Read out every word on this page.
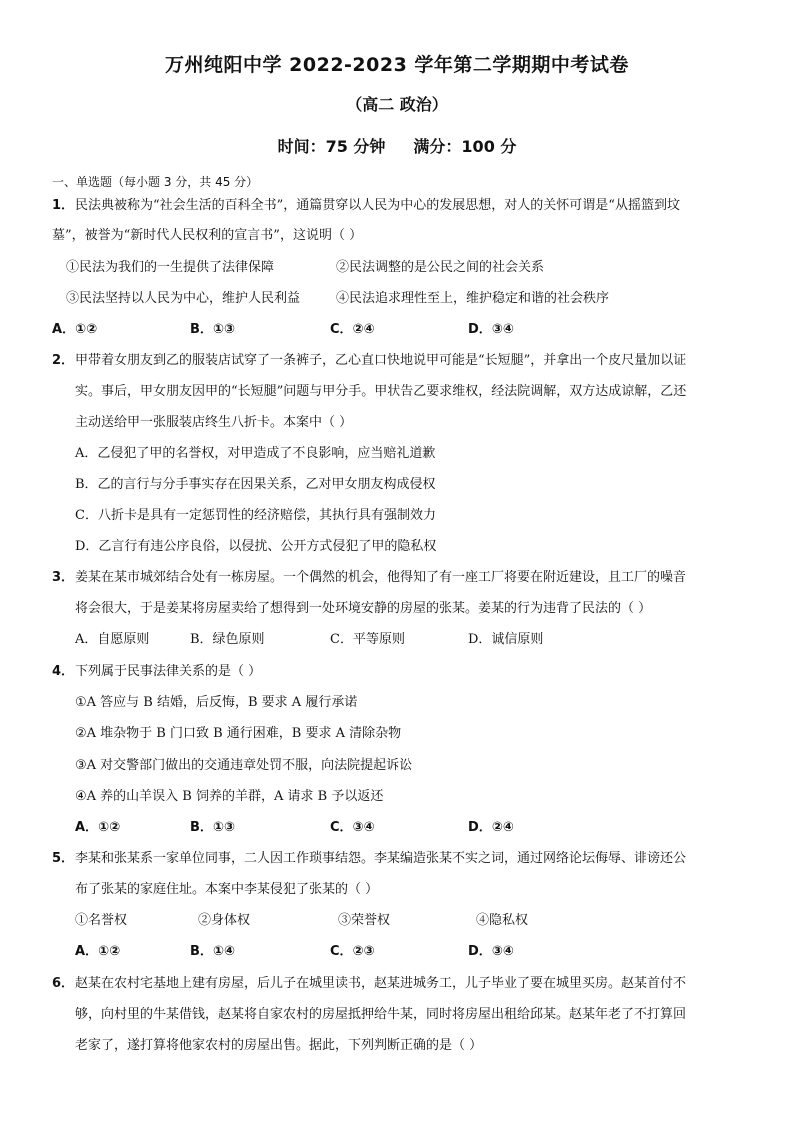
万州纯阳中学 2022-2023 学年第二学期期中考试卷
（高二 政治）
时间：75 分钟 满分：100 分
一、单选题（每小题 3 分，共 45 分）
1． 民法典被称为“社会生活的百科全书”，通篇贯穿以人民为中心的发展思想，对人的关怀可谓是“从摇篮到坟
墓”，被誉为“新时代人民权利的宣言书”，这说明（ ）
①民法为我们的一生提供了法律保障	②民法调整的是公民之间的社会关系
③民法坚持以人民为中心，维护人民利益	④民法追求理性至上，维护稳定和谐的社会秩序
A．①②	B．①③	C．②④	D．③④
2． 甲带着女朋友到乙的服装店试穿了一条裤子，乙心直口快地说甲可能是“长短腿”，并拿出一个皮尺量加以证
实。事后，甲女朋友因甲的“长短腿”问题与甲分手。甲状告乙要求维权，经法院调解，双方达成谅解，乙还
主动送给甲一张服装店终生八折卡。本案中（ ）
A．乙侵犯了甲的名誉权，对甲造成了不良影响，应当赔礼道歉
B．乙的言行与分手事实存在因果关系，乙对甲女朋友构成侵权
C．八折卡是具有一定惩罚性的经济赔偿，其执行具有强制效力
D．乙言行有违公序良俗，以侵扰、公开方式侵犯了甲的隐私权
3． 姜某在某市城郊结合处有一栋房屋。一个偶然的机会，他得知了有一座工厂将要在附近建设，且工厂的噪音
将会很大，于是姜某将房屋卖给了想得到一处环境安静的房屋的张某。姜某的行为违背了民法的（ ）
A．自愿原则	B．绿色原则	C．平等原则	D．诚信原则
4． 下列属于民事法律关系的是（ ）
①A 答应与 B 结婚，后反悔，B 要求 A 履行承诺
②A 堆杂物于 B 门口致 B 通行困难，B 要求 A 清除杂物
③A 对交警部门做出的交通违章处罚不服，向法院提起诉讼
④A 养的山羊误入 B 饲养的羊群，A 请求 B 予以返还
A．①②	B．①③	C．③④	D．②④
5． 李某和张某系一家单位同事，二人因工作琐事结怨。李某编造张某不实之词，通过网络论坛侮辱、诽谤还公
布了张某的家庭住址。本案中李某侵犯了张某的（ ）
①名誉权	②身体权	③荣誉权	④隐私权
A．①②	B．①④	C．②③	D．③④
6． 赵某在农村宅基地上建有房屋，后儿子在城里读书，赵某进城务工，儿子毕业了要在城里买房。赵某首付不
够，向村里的牛某借钱，赵某将自家农村的房屋抵押给牛某，同时将房屋出租给邱某。赵某年老了不打算回
老家了，遂打算将他家农村的房屋出售。据此，下列判断正确的是（ ）
